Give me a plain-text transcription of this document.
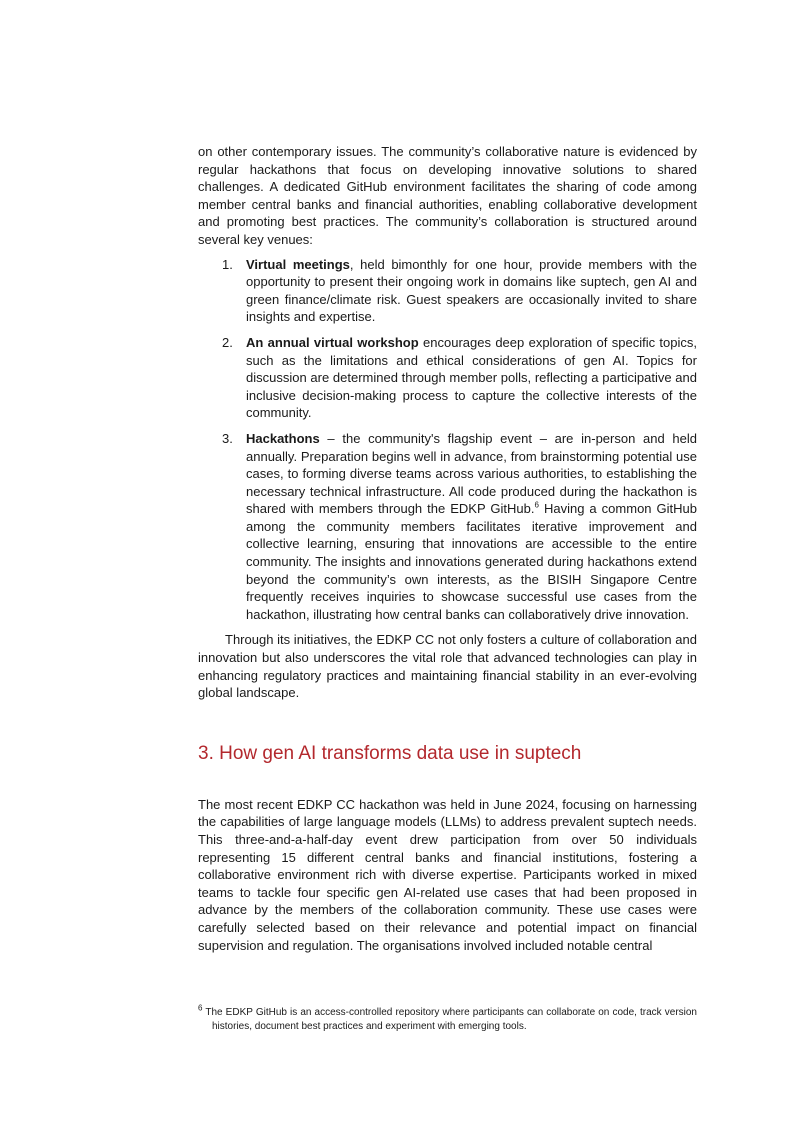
on other contemporary issues. The community’s collaborative nature is evidenced by regular hackathons that focus on developing innovative solutions to shared challenges. A dedicated GitHub environment facilitates the sharing of code among member central banks and financial authorities, enabling collaborative development and promoting best practices. The community’s collaboration is structured around several key venues:

1. Virtual meetings, held bimonthly for one hour, provide members with the opportunity to present their ongoing work in domains like suptech, gen AI and green finance/climate risk. Guest speakers are occasionally invited to share insights and expertise.
2. An annual virtual workshop encourages deep exploration of specific topics, such as the limitations and ethical considerations of gen AI. Topics for discussion are determined through member polls, reflecting a participative and inclusive decision-making process to capture the collective interests of the community.
3. Hackathons – the community's flagship event – are in-person and held annually. Preparation begins well in advance, from brainstorming potential use cases, to forming diverse teams across various authorities, to establishing the necessary technical infrastructure. All code produced during the hackathon is shared with members through the EDKP GitHub.$^6$ Having a common GitHub among the community members facilitates iterative improvement and collective learning, ensuring that innovations are accessible to the entire community. The insights and innovations generated during hackathons extend beyond the community’s own interests, as the BISIH Singapore Centre frequently receives inquiries to showcase successful use cases from the hackathon, illustrating how central banks can collaboratively drive innovation.

Through its initiatives, the EDKP CC not only fosters a culture of collaboration and innovation but also underscores the vital role that advanced technologies can play in enhancing regulatory practices and maintaining financial stability in an ever-evolving global landscape.

3. How gen AI transforms data use in suptech

The most recent EDKP CC hackathon was held in June 2024, focusing on harnessing the capabilities of large language models (LLMs) to address prevalent suptech needs. This three-and-a-half-day event drew participation from over 50 individuals representing 15 different central banks and financial institutions, fostering a collaborative environment rich with diverse expertise. Participants worked in mixed teams to tackle four specific gen AI-related use cases that had been proposed in advance by the members of the collaboration community. These use cases were carefully selected based on their relevance and potential impact on financial supervision and regulation. The organisations involved included notable central

$^6$ The EDKP GitHub is an access-controlled repository where participants can collaborate on code, track version histories, document best practices and experiment with emerging tools.
